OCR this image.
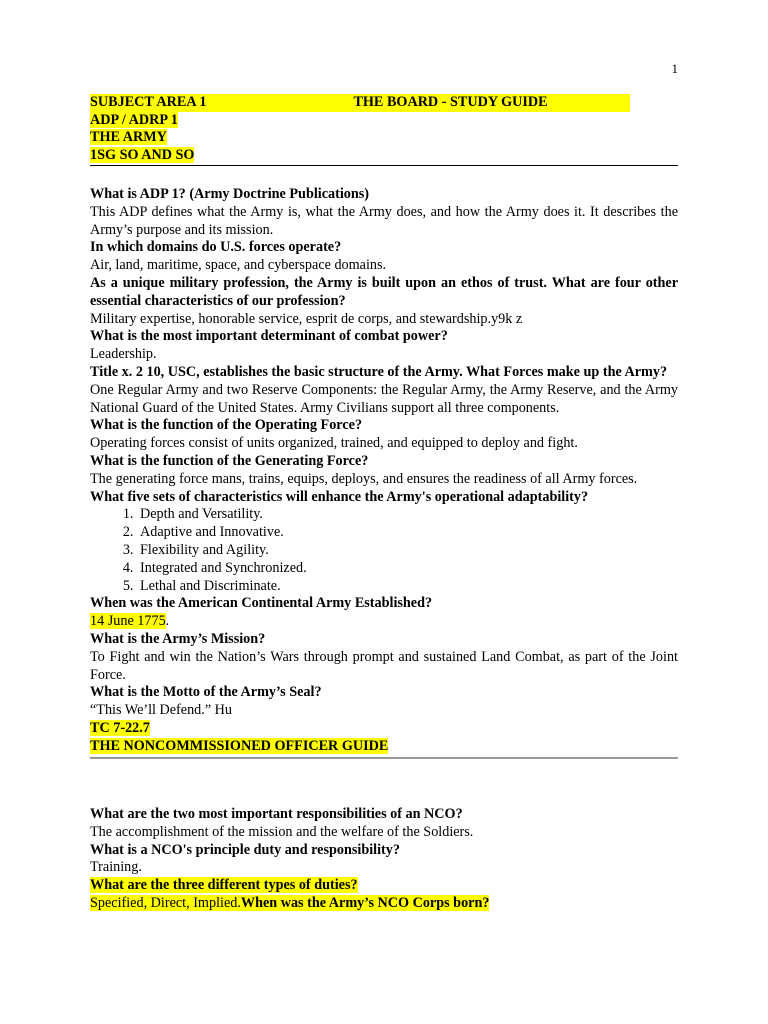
1
SUBJECT AREA 1	THE BOARD - STUDY GUIDE
ADP / ADRP 1
THE ARMY
1SG SO AND SO
What is ADP 1? (Army Doctrine Publications)
This ADP defines what the Army is, what the Army does, and how the Army does it. It describes the Army’s purpose and its mission.
In which domains do U.S. forces operate?
Air, land, maritime, space, and cyberspace domains.
As a unique military profession, the Army is built upon an ethos of trust. What are four other essential characteristics of our profession?
Military expertise, honorable service, esprit de corps, and stewardship.y9k z
What is the most important determinant of combat power?
Leadership.
Title x. 2 10, USC, establishes the basic structure of the Army. What Forces make up the Army?
One Regular Army and two Reserve Components: the Regular Army, the Army Reserve, and the Army National Guard of the United States. Army Civilians support all three components.
What is the function of the Operating Force?
Operating forces consist of units organized, trained, and equipped to deploy and fight.
What is the function of the Generating Force?
The generating force mans, trains, equips, deploys, and ensures the readiness of all Army forces.
What five sets of characteristics will enhance the Army's operational adaptability?
1. Depth and Versatility.
2. Adaptive and Innovative.
3. Flexibility and Agility.
4. Integrated and Synchronized.
5. Lethal and Discriminate.
When was the American Continental Army Established?
14 June 1775.
What is the Army’s Mission?
To Fight and win the Nation’s Wars through prompt and sustained Land Combat, as part of the Joint Force.
What is the Motto of the Army’s Seal?
“This We’ll Defend.” Hu
TC 7-22.7
THE NONCOMMISSIONED OFFICER GUIDE
What are the two most important responsibilities of an NCO?
The accomplishment of the mission and the welfare of the Soldiers.
What is a NCO's principle duty and responsibility?
Training.
What are the three different types of duties?
Specified, Direct, Implied.When was the Army’s NCO Corps born?
